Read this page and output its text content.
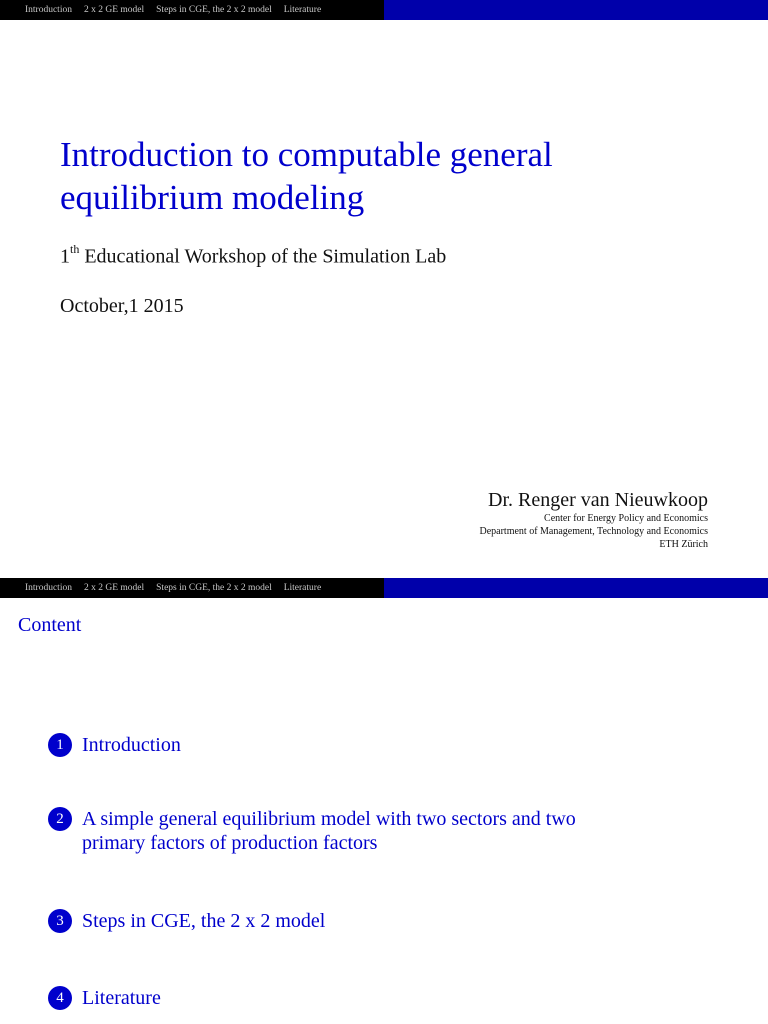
Introduction 2 x 2 GE model Steps in CGE, the 2 x 2 model Literature
Introduction to computable general
equilibrium modeling
1th Educational Workshop of the Simulation Lab
October,1 2015
Dr. Renger van Nieuwkoop
Center for Energy Policy and Economics
Department of Management, Technology and Economics
ETH Zürich
Introduction 2 x 2 GE model Steps in CGE, the 2 x 2 model Literature
Content
1 Introduction
2 A simple general equilibrium model with two sectors and two primary factors of production factors
3 Steps in CGE, the 2 x 2 model
4 Literature
